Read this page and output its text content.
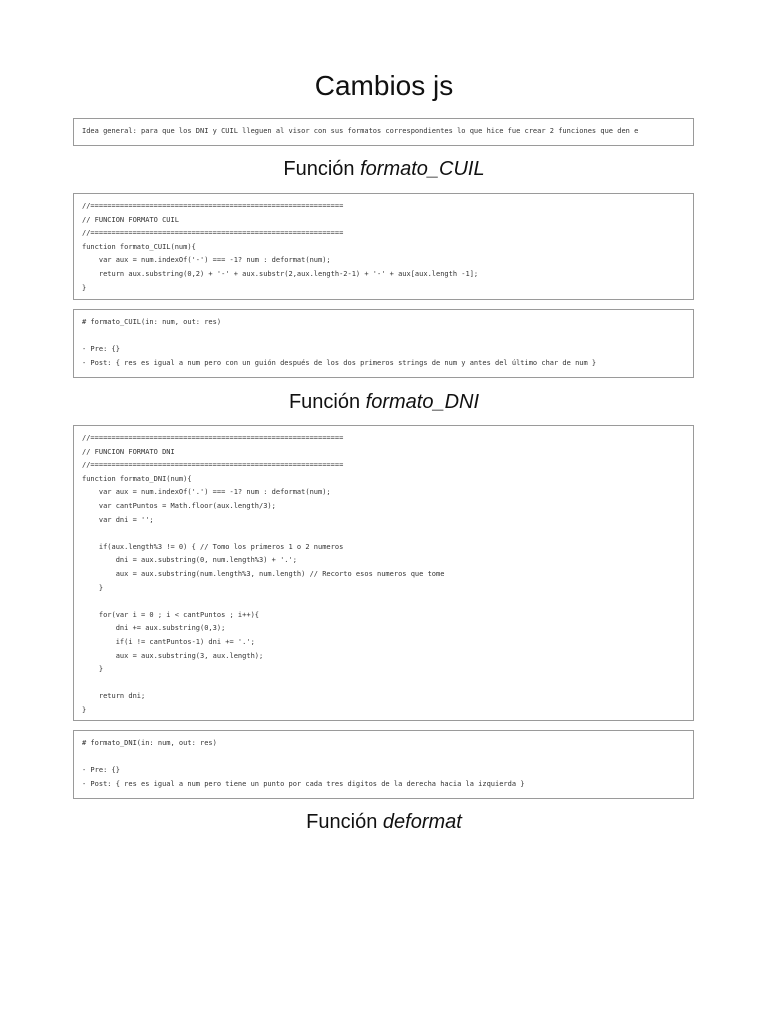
Cambios js
Idea general: para que los DNI y CUIL lleguen al visor con sus formatos correspondientes lo que hice fue crear 2 funciones que den e
Función formato_CUIL
//============================================================
// FUNCION FORMATO CUIL
//============================================================
function formato_CUIL(num){
var aux = num.indexOf('-') === -1? num : deformat(num);
return aux.substring(0,2) + '-' + aux.substr(2,aux.length-2-1) + '-' + aux[aux.length -1];
}
# formato_CUIL(in: num, out: res)

- Pre: {}
- Post: { res es igual a num pero con un guión después de los dos primeros strings de num y antes del último char de num }
Función formato_DNI
//============================================================
// FUNCION FORMATO DNI
//============================================================
function formato_DNI(num){
var aux = num.indexOf('.') === -1? num : deformat(num);
var cantPuntos = Math.floor(aux.length/3);
var dni = '';

if(aux.length%3 != 0) { // Tomo los primeros 1 o 2 numeros
dni = aux.substring(0, num.length%3) + '.';
aux = aux.substring(num.length%3, num.length) // Recorto esos numeros que tome
}

for(var i = 0 ; i < cantPuntos ; i++){
dni += aux.substring(0,3);
if(i != cantPuntos-1) dni += '.';
aux = aux.substring(3, aux.length);
}

return dni;
}
# formato_DNI(in: num, out: res)

- Pre: {}
- Post: { res es igual a num pero tiene un punto por cada tres digitos de la derecha hacia la izquierda }
Función deformat
